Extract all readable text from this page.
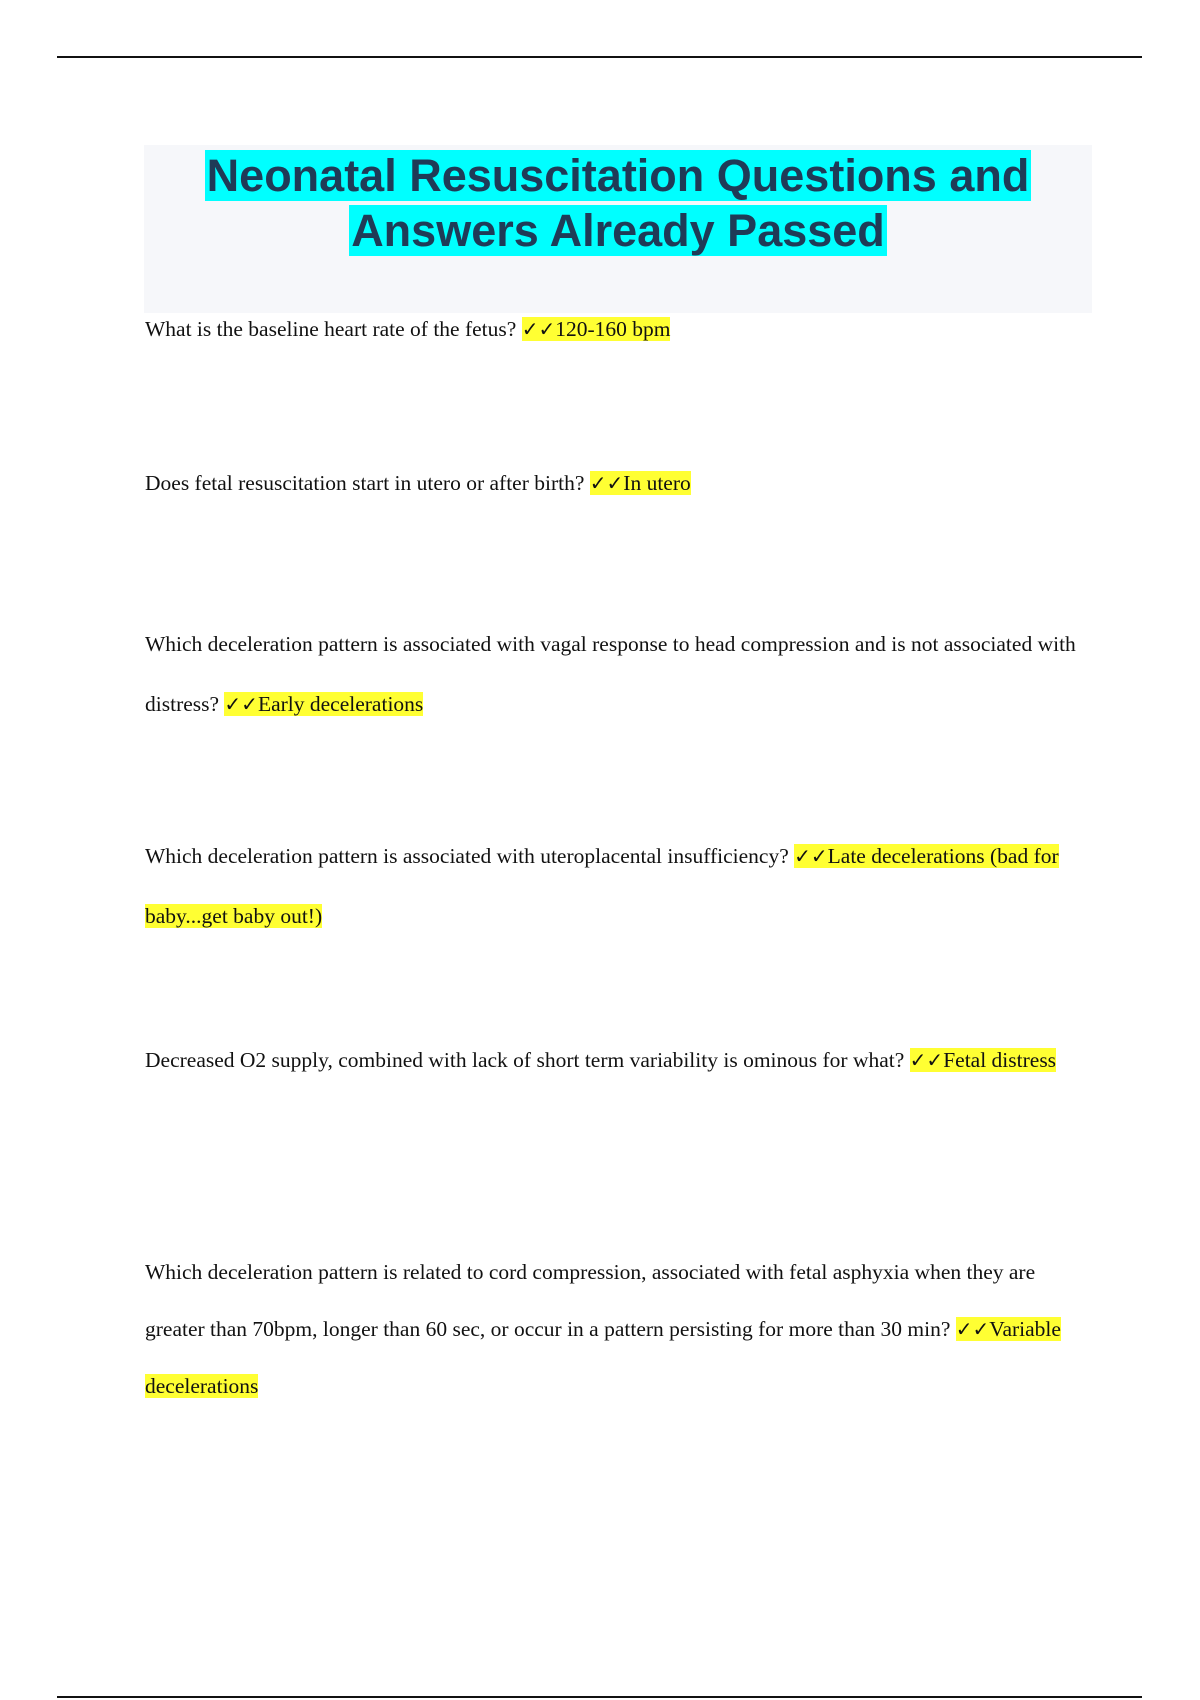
Neonatal Resuscitation Questions and Answers Already Passed

What is the baseline heart rate of the fetus? ✓✓120-160 bpm

Does fetal resuscitation start in utero or after birth? ✓✓In utero

Which deceleration pattern is associated with vagal response to head compression and is not associated with distress? ✓✓Early decelerations

Which deceleration pattern is associated with uteroplacental insufficiency? ✓✓Late decelerations (bad for baby...get baby out!)

Decreased O2 supply, combined with lack of short term variability is ominous for what? ✓✓Fetal distress

Which deceleration pattern is related to cord compression, associated with fetal asphyxia when they are greater than 70bpm, longer than 60 sec, or occur in a pattern persisting for more than 30 min? ✓✓Variable decelerations
